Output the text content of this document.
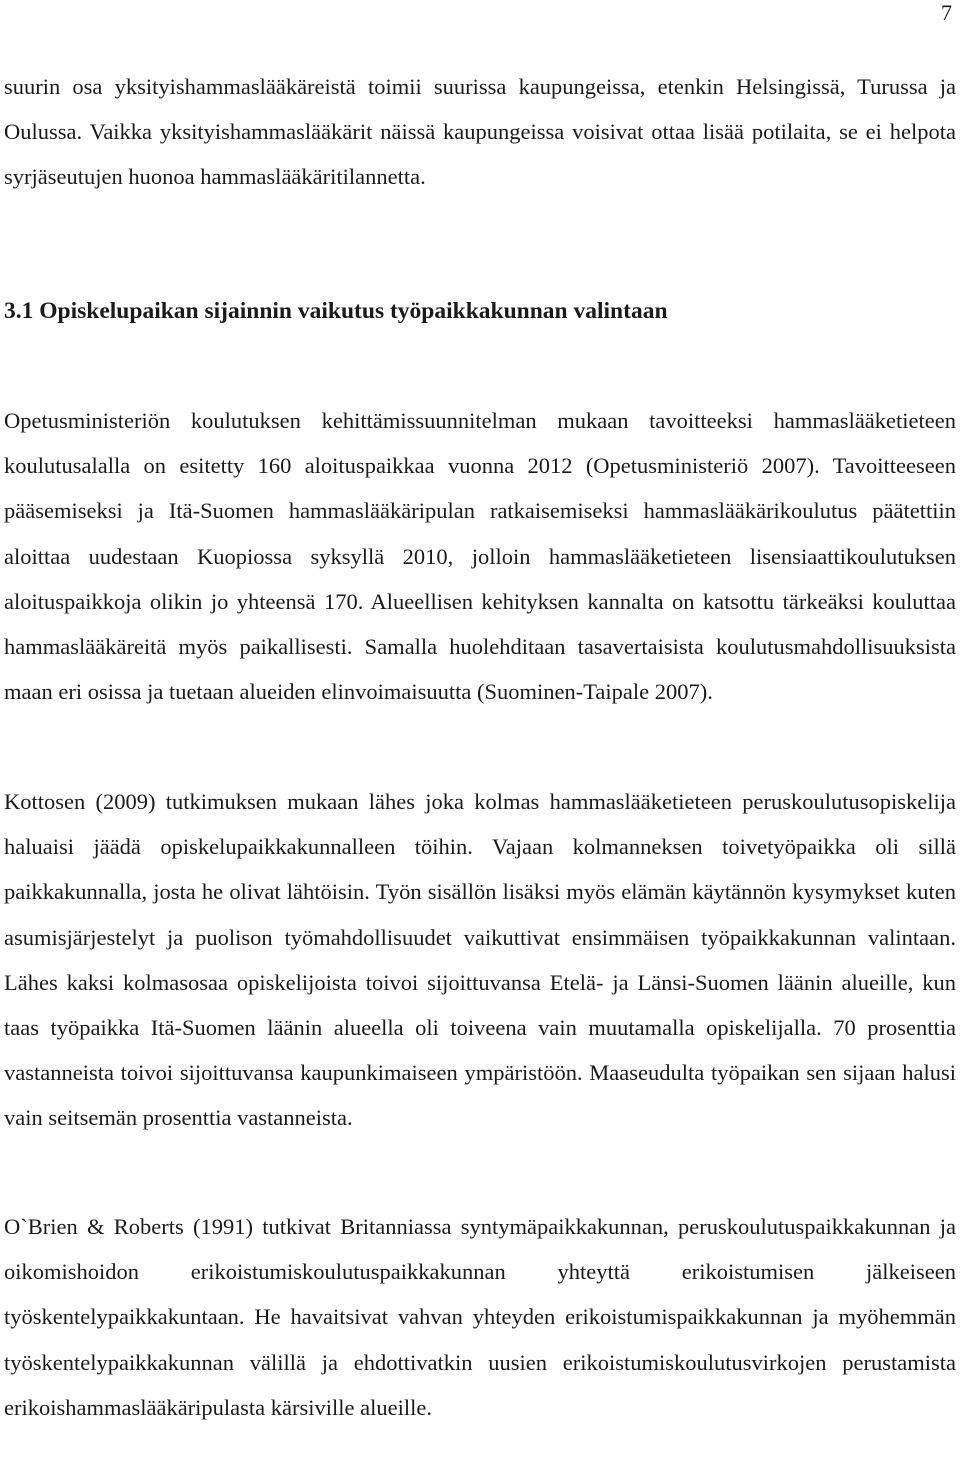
7

suurin osa yksityishammaslääkäreistä toimii suurissa kaupungeissa, etenkin Helsingissä, Turussa ja Oulussa. Vaikka yksityishammaslääkärit näissä kaupungeissa voisivat ottaa lisää potilaita, se ei helpota syrjäseutujen huonoa hammaslääkäritilannetta.

3.1 Opiskelupaikan sijainnin vaikutus työpaikkakunnan valintaan

Opetusministeriön koulutuksen kehittämissuunnitelman mukaan tavoitteeksi hammaslääketieteen koulutusalalla on esitetty 160 aloituspaikkaa vuonna 2012 (Opetusministeriö 2007). Tavoitteeseen pääsemiseksi ja Itä-Suomen hammaslääkäripulan ratkaisemiseksi hammaslääkärikoulutus päätettiin aloittaa uudestaan Kuopiossa syksyllä 2010, jolloin hammaslääketieteen lisensiaattikoulutuksen aloituspaikkoja olikin jo yhteensä 170. Alueellisen kehityksen kannalta on katsottu tärkeäksi kouluttaa hammaslääkäreitä myös paikallisesti. Samalla huolehditaan tasavertaisista koulutusmahdollisuuksista maan eri osissa ja tuetaan alueiden elinvoimaisuutta (Suominen-Taipale 2007).

Kottosen (2009) tutkimuksen mukaan lähes joka kolmas hammaslääketieteen peruskoulutusopiskelija haluaisi jäädä opiskelupaikkakunnalleen töihin. Vajaan kolmanneksen toivetyöpaikka oli sillä paikkakunnalla, josta he olivat lähtöisin. Työn sisällön lisäksi myös elämän käytännön kysymykset kuten asumisjärjestelyt ja puolison työmahdollisuudet vaikuttivat ensimmäisen työpaikkakunnan valintaan. Lähes kaksi kolmasosaa opiskelijoista toivoi sijoittuvansa Etelä- ja Länsi-Suomen läänin alueille, kun taas työpaikka Itä-Suomen läänin alueella oli toiveena vain muutamalla opiskelijalla. 70 prosenttia vastanneista toivoi sijoittuvansa kaupunkimaiseen ympäristöön. Maaseudulta työpaikan sen sijaan halusi vain seitsemän prosenttia vastanneista.

O`Brien & Roberts (1991) tutkivat Britanniassa syntymäpaikkakunnan, peruskoulutuspaikkakunnan ja oikomishoidon erikoistumiskoulutuspaikkakunnan yhteyttä erikoistumisen jälkeiseen työskentelypaikkakuntaan. He havaitsivat vahvan yhteyden erikoistumispaikkakunnan ja myöhemmän työskentelypaikkakunnan välillä ja ehdottivatkin uusien erikoistumiskoulutusvirkojen perustamista erikoishammaslääkäripulasta kärsiville alueille.
